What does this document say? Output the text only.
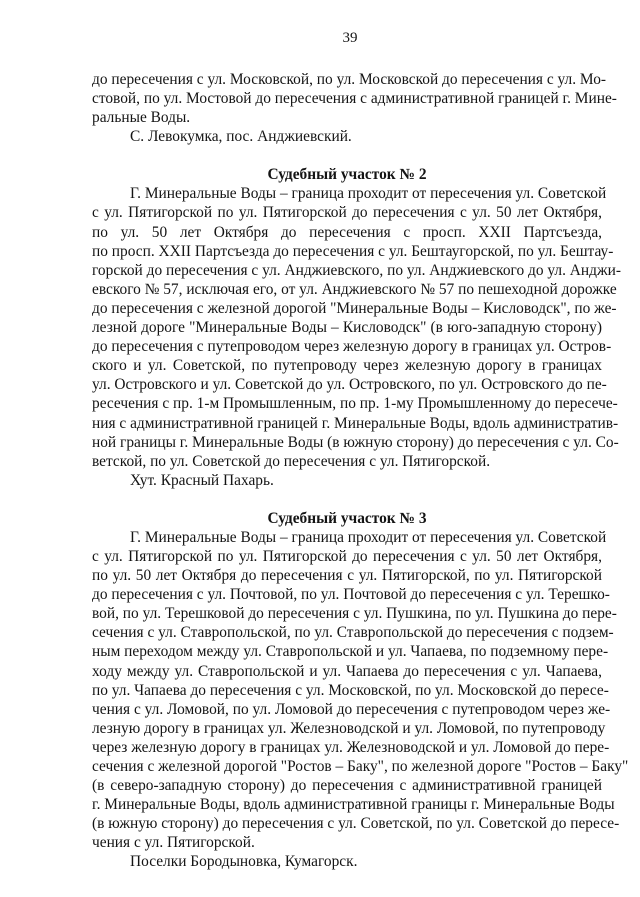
39
до пересечения с ул. Московской, по ул. Московской до пересечения с ул. Мо-
стовой, по ул. Мостовой до пересечения с административной границей г. Мине-
ральные Воды.
С. Левокумка, пос. Анджиевский.
Судебный участок № 2
Г. Минеральные Воды – граница проходит от пересечения ул. Советской
с ул. Пятигорской по ул. Пятигорской до пересечения с ул. 50 лет Октября,
по ул. 50 лет Октября до пересечения с просп. XXII Партсъезда,
по просп. XXII Партсъезда до пересечения с ул. Бештаугорской, по ул. Бештау-
горской до пересечения с ул. Анджиевского, по ул. Анджиевского до ул. Анджи-
евского № 57, исключая его, от ул. Анджиевского № 57 по пешеходной дорожке
до пересечения с железной дорогой "Минеральные Воды – Кисловодск", по же-
лезной дороге "Минеральные Воды – Кисловодск" (в юго-западную сторону)
до пересечения с путепроводом через железную дорогу в границах ул. Остров-
ского и ул. Советской, по путепроводу через железную дорогу в границах
ул. Островского и ул. Советской до ул. Островского, по ул. Островского до пе-
ресечения с пр. 1-м Промышленным, по пр. 1-му Промышленному до пересече-
ния с административной границей г. Минеральные Воды, вдоль административ-
ной границы г. Минеральные Воды (в южную сторону) до пересечения с ул. Со-
ветской, по ул. Советской до пересечения с ул. Пятигорской.
Хут. Красный Пахарь.
Судебный участок № 3
Г. Минеральные Воды – граница проходит от пересечения ул. Советской
с ул. Пятигорской по ул. Пятигорской до пересечения с ул. 50 лет Октября,
по ул. 50 лет Октября до пересечения с ул. Пятигорской, по ул. Пятигорской
до пересечения с ул. Почтовой, по ул. Почтовой до пересечения с ул. Терешко-
вой, по ул. Терешковой до пересечения с ул. Пушкина, по ул. Пушкина до пере-
сечения с ул. Ставропольской, по ул. Ставропольской до пересечения с подзем-
ным переходом между ул. Ставропольской и ул. Чапаева, по подземному пере-
ходу между ул. Ставропольской и ул. Чапаева до пересечения с ул. Чапаева,
по ул. Чапаева до пересечения с ул. Московской, по ул. Московской до пересе-
чения с ул. Ломовой, по ул. Ломовой до пересечения с путепроводом через же-
лезную дорогу в границах ул. Железноводской и ул. Ломовой, по путепроводу
через железную дорогу в границах ул. Железноводской и ул. Ломовой до пере-
сечения с железной дорогой "Ростов – Баку", по железной дороге "Ростов – Баку"
(в северо-западную сторону) до пересечения с административной границей
г. Минеральные Воды, вдоль административной границы г. Минеральные Воды
(в южную сторону) до пересечения с ул. Советской, по ул. Советской до пересе-
чения с ул. Пятигорской.
Поселки Бородыновка, Кумагорск.
